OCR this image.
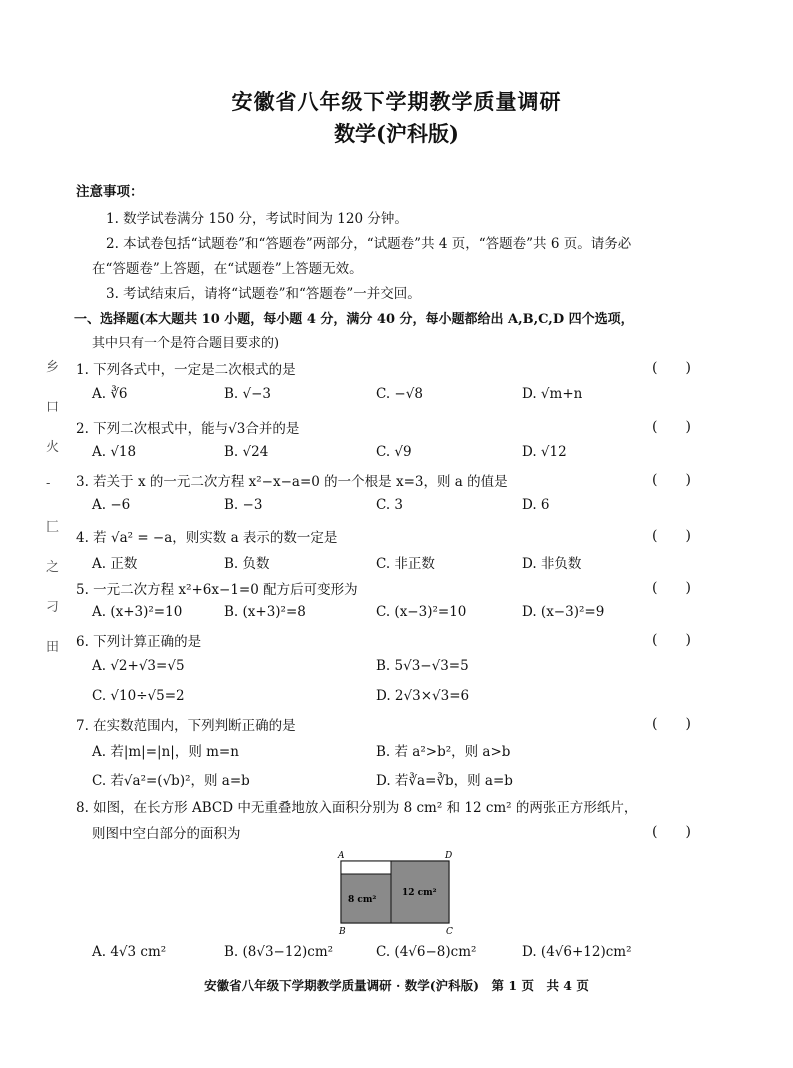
安徽省八年级下学期教学质量调研
数学(沪科版)
乡
口
火
-
匚
之
刁
田
注意事项：
1. 数学试卷满分 150 分，考试时间为 120 分钟。
2. 本试卷包括“试题卷”和“答题卷”两部分，“试题卷”共 4 页，“答题卷”共 6 页。请务必
在“答题卷”上答题，在“试题卷”上答题无效。
3. 考试结束后，请将“试题卷”和“答题卷”一并交回。
一、选择题(本大题共 10 小题，每小题 4 分，满分 40 分，每小题都给出 A,B,C,D 四个选项，
其中只有一个是符合题目要求的)
1. 下列各式中，一定是二次根式的是	(　　)
A. ∛6	B. √−3	C. −√8	D. √m+n
2. 下列二次根式中，能与√3合并的是	(　　)
A. √18	B. √24	C. √9	D. √12
3. 若关于 x 的一元二次方程 x²−x−a=0 的一个根是 x=3，则 a 的值是	(　　)
A. −6	B. −3	C. 3	D. 6
4. 若 √a² = −a，则实数 a 表示的数一定是	(　　)
A. 正数	B. 负数	C. 非正数	D. 非负数
5. 一元二次方程 x²+6x−1=0 配方后可变形为	(　　)
A. (x+3)²=10	B. (x+3)²=8	C. (x−3)²=10	D. (x−3)²=9
6. 下列计算正确的是	(　　)
A. √2+√3=√5	B. 5√3−√3=5
C. √10÷√5=2	D. 2√3×√3=6
7. 在实数范围内，下列判断正确的是	(　　)
A. 若|m|=|n|，则 m=n	B. 若 a²>b²，则 a>b
C. 若√a²=(√b)²，则 a=b	D. 若∛a=∛b，则 a=b
8. 如图，在长方形 ABCD 中无重叠地放入面积分别为 8 cm² 和 12 cm² 的两张正方形纸片，
则图中空白部分的面积为	(　　)
A	D
B	C
8 cm²
12 cm²
A. 4√3 cm²	B. (8√3−12)cm²	C. (4√6−8)cm²	D. (4√6+12)cm²
安徽省八年级下学期教学质量调研 · 数学(沪科版)　第 1 页　共 4 页
